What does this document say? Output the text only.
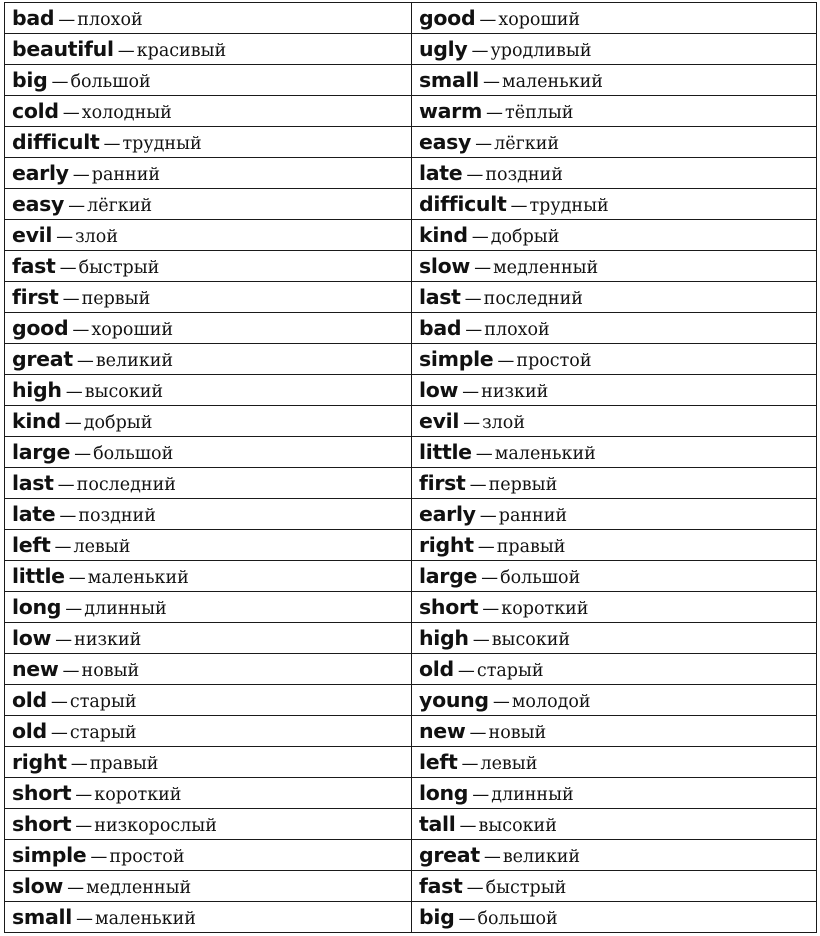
bad — плохой	good — хороший
beautiful — красивый	ugly — уродливый
big — большой	small — маленький
cold — холодный	warm — тёплый
difficult — трудный	easy — лёгкий
early — ранний	late — поздний
easy — лёгкий	difficult — трудный
evil — злой	kind — добрый
fast — быстрый	slow — медленный
first — первый	last — последний
good — хороший	bad — плохой
great — великий	simple — простой
high — высокий	low — низкий
kind — добрый	evil — злой
large — большой	little — маленький
last — последний	first — первый
late — поздний	early — ранний
left — левый	right — правый
little — маленький	large — большой
long — длинный	short — короткий
low — низкий	high — высокий
new — новый	old — старый
old — старый	young — молодой
old — старый	new — новый
right — правый	left — левый
short — короткий	long — длинный
short — низкорослый	tall — высокий
simple — простой	great — великий
slow — медленный	fast — быстрый
small — маленький	big — большой
